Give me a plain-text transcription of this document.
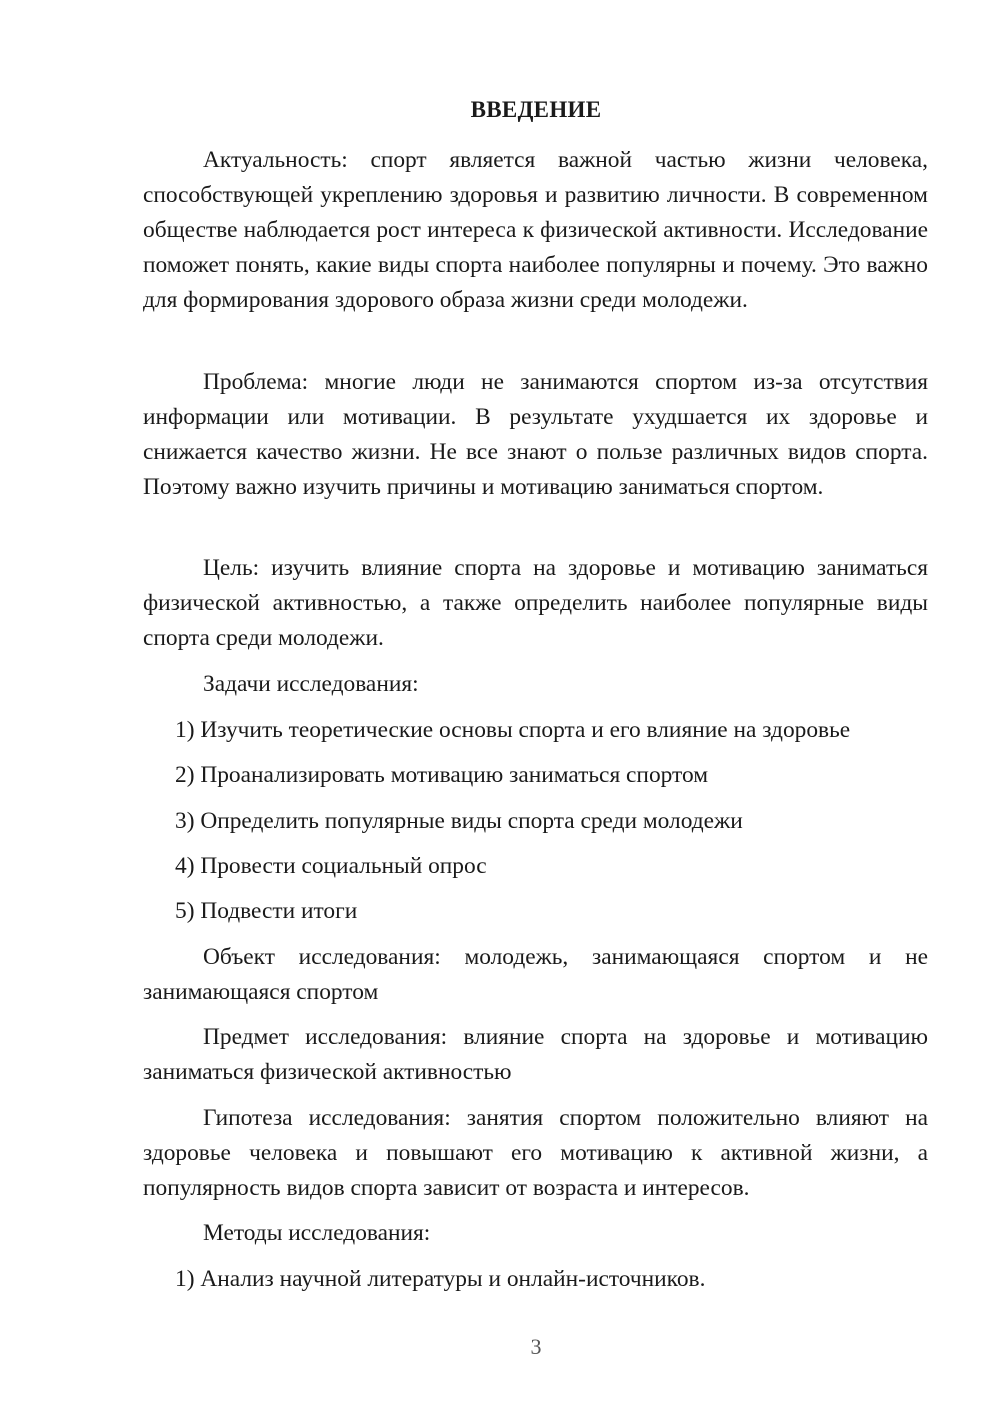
ВВЕДЕНИЕ

Актуальность: спорт является важной частью жизни человека, способствующей укреплению здоровья и развитию личности. В современном обществе наблюдается рост интереса к физической активности. Исследование поможет понять, какие виды спорта наиболее популярны и почему. Это важно для формирования здорового образа жизни среди молодежи.

Проблема: многие люди не занимаются спортом из-за отсутствия информации или мотивации. В результате ухудшается их здоровье и снижается качество жизни. Не все знают о пользе различных видов спорта. Поэтому важно изучить причины и мотивацию заниматься спортом.

Цель: изучить влияние спорта на здоровье и мотивацию заниматься физической активностью, а также определить наиболее популярные виды спорта среди молодежи.

Задачи исследования:

1) Изучить теоретические основы спорта и его влияние на здоровье

2) Проанализировать мотивацию заниматься спортом

3) Определить популярные виды спорта среди молодежи

4) Провести социальный опрос

5) Подвести итоги

Объект исследования: молодежь, занимающаяся спортом и не занимающаяся спортом

Предмет исследования: влияние спорта на здоровье и мотивацию заниматься физической активностью

Гипотеза исследования: занятия спортом положительно влияют на здоровье человека и повышают его мотивацию к активной жизни, а популярность видов спорта зависит от возраста и интересов.

Методы исследования:

1) Анализ научной литературы и онлайн-источников.

3
